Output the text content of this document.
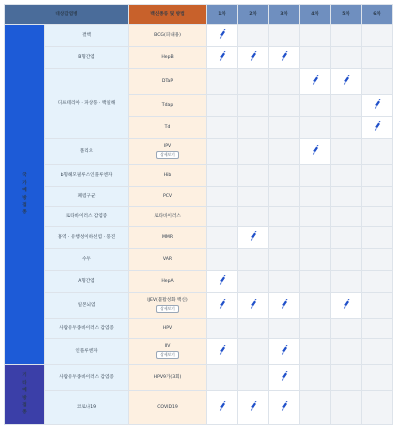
대상감염병		백신종류 및 방법	1차	2차	3차	4차	5차	6차
국가예방접종	결핵	BCG(피내용)

	B형간염	HepB

	디프테리아 · 파상풍 · 백일해	DTaP

		Tdap

		Td

	폴리오	IPV
상세보기						
	b형헤모필루스인플루엔자	Hib						

	폐렴구균	PCV						

	로타바이러스 감염증	로타바이러스						

	홍역 · 유행성이하선염 · 풍진	MMR

	수두	VAR						

	A형간염	HepA

	일본뇌염	IJEV(불활성화 백신)
상세보기						
	사람유두종바이러스 감염증	HPV						

	인플루엔자	IIV
상세보기						
기타예방접종	사람유두종바이러스 감염증	HPV9가(3회)

	코로나19	COVID19
